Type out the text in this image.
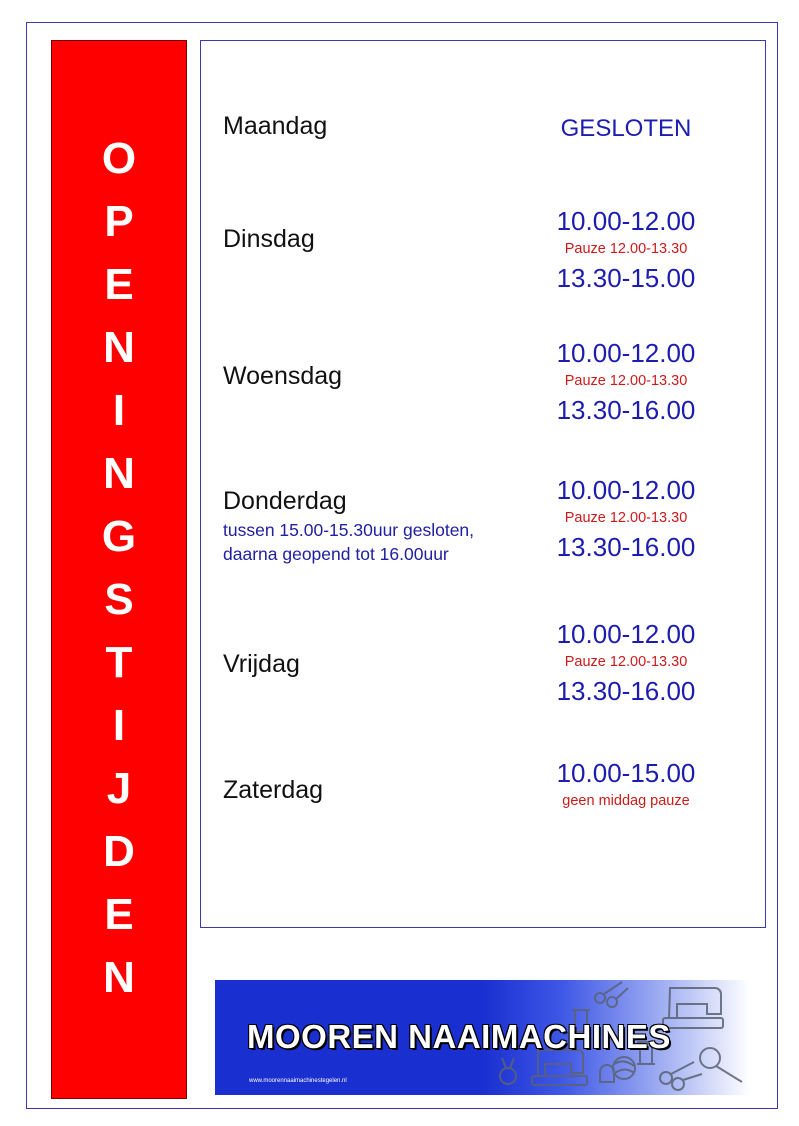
O
P
E
N
I
N
G
S
T
I
J
D
E
N
Maandag	GESLOTEN
Dinsdag
10.00-12.00
Pauze 12.00-13.30
13.30-15.00
Woensdag
10.00-12.00
Pauze 12.00-13.30
13.30-16.00
Donderdag
tussen 15.00-15.30uur gesloten,
daarna geopend tot 16.00uur
10.00-12.00
Pauze 12.00-13.30
13.30-16.00
Vrijdag
10.00-12.00
Pauze 12.00-13.30
13.30-16.00
Zaterdag
10.00-15.00
geen middag pauze
MOOREN NAAIMACHINES
www.moorennaaimachinestegelen.nl
